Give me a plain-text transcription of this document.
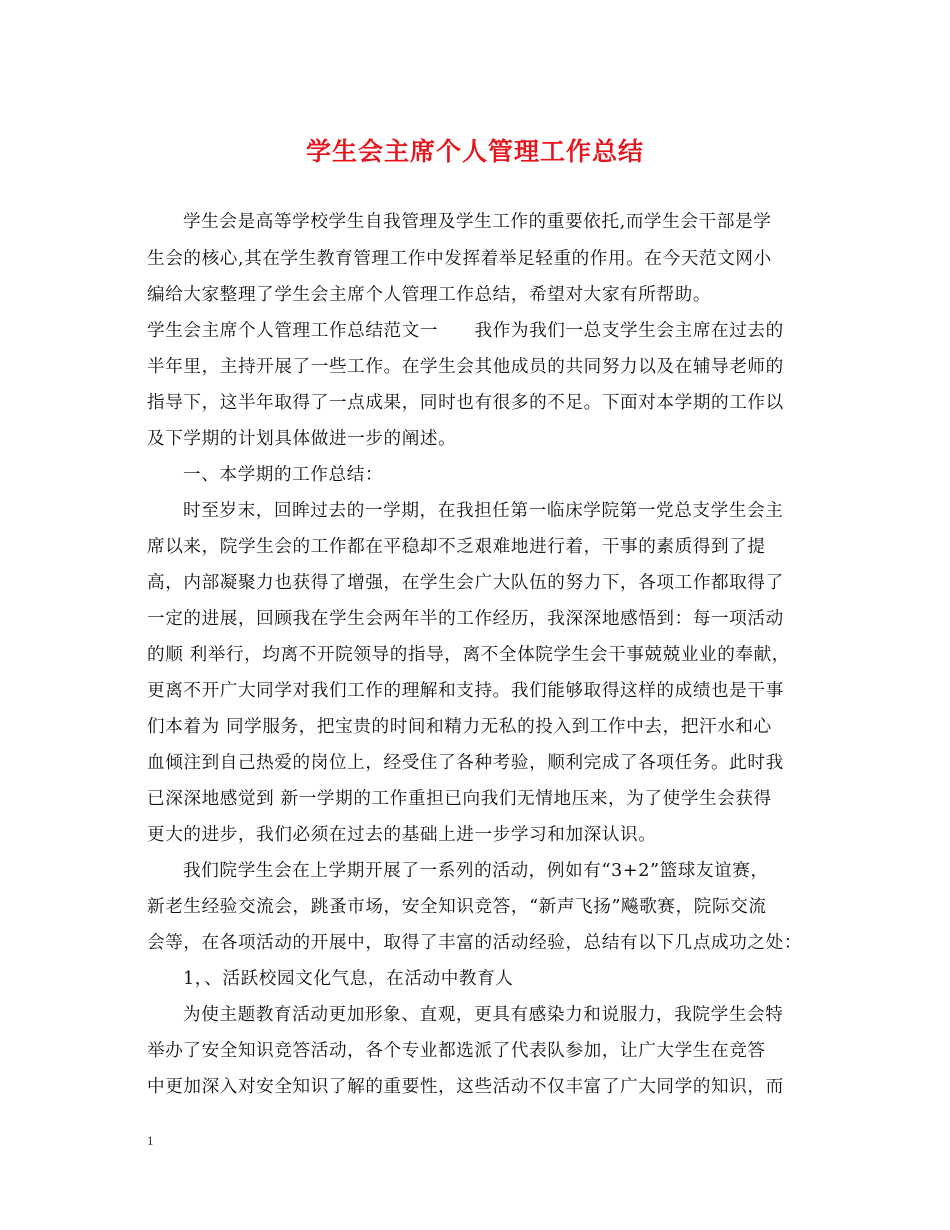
学生会主席个人管理工作总结
学生会是高等学校学生自我管理及学生工作的重要依托,而学生会干部是学
生会的核心,其在学生教育管理工作中发挥着举足轻重的作用。在今天范文网小
编给大家整理了学生会主席个人管理工作总结，希望对大家有所帮助。
学生会主席个人管理工作总结范文一　　我作为我们一总支学生会主席在过去的
半年里，主持开展了一些工作。在学生会其他成员的共同努力以及在辅导老师的
指导下，这半年取得了一点成果，同时也有很多的不足。下面对本学期的工作以
及下学期的计划具体做进一步的阐述。
一、本学期的工作总结：
时至岁末，回眸过去的一学期，在我担任第一临床学院第一党总支学生会主
席以来，院学生会的工作都在平稳却不乏艰难地进行着，干事的素质得到了提
高，内部凝聚力也获得了增强，在学生会广大队伍的努力下，各项工作都取得了
一定的进展，回顾我在学生会两年半的工作经历，我深深地感悟到：每一项活动
的顺 利举行，均离不开院领导的指导，离不全体院学生会干事兢兢业业的奉献，
更离不开广大同学对我们工作的理解和支持。我们能够取得这样的成绩也是干事
们本着为 同学服务，把宝贵的时间和精力无私的投入到工作中去，把汗水和心
血倾注到自己热爱的岗位上，经受住了各种考验，顺利完成了各项任务。此时我
已深深地感觉到 新一学期的工作重担已向我们无情地压来，为了使学生会获得
更大的进步，我们必须在过去的基础上进一步学习和加深认识。
我们院学生会在上学期开展了一系列的活动，例如有“3+2”篮球友谊赛，
新老生经验交流会，跳蚤市场，安全知识竞答，“新声飞扬”飚歌赛，院际交流
会等，在各项活动的开展中，取得了丰富的活动经验，总结有以下几点成功之处：
1，、活跃校园文化气息，在活动中教育人
为使主题教育活动更加形象、直观，更具有感染力和说服力，我院学生会特
举办了安全知识竞答活动，各个专业都选派了代表队参加，让广大学生在竞答
中更加深入对安全知识了解的重要性，这些活动不仅丰富了广大同学的知识，而
1
